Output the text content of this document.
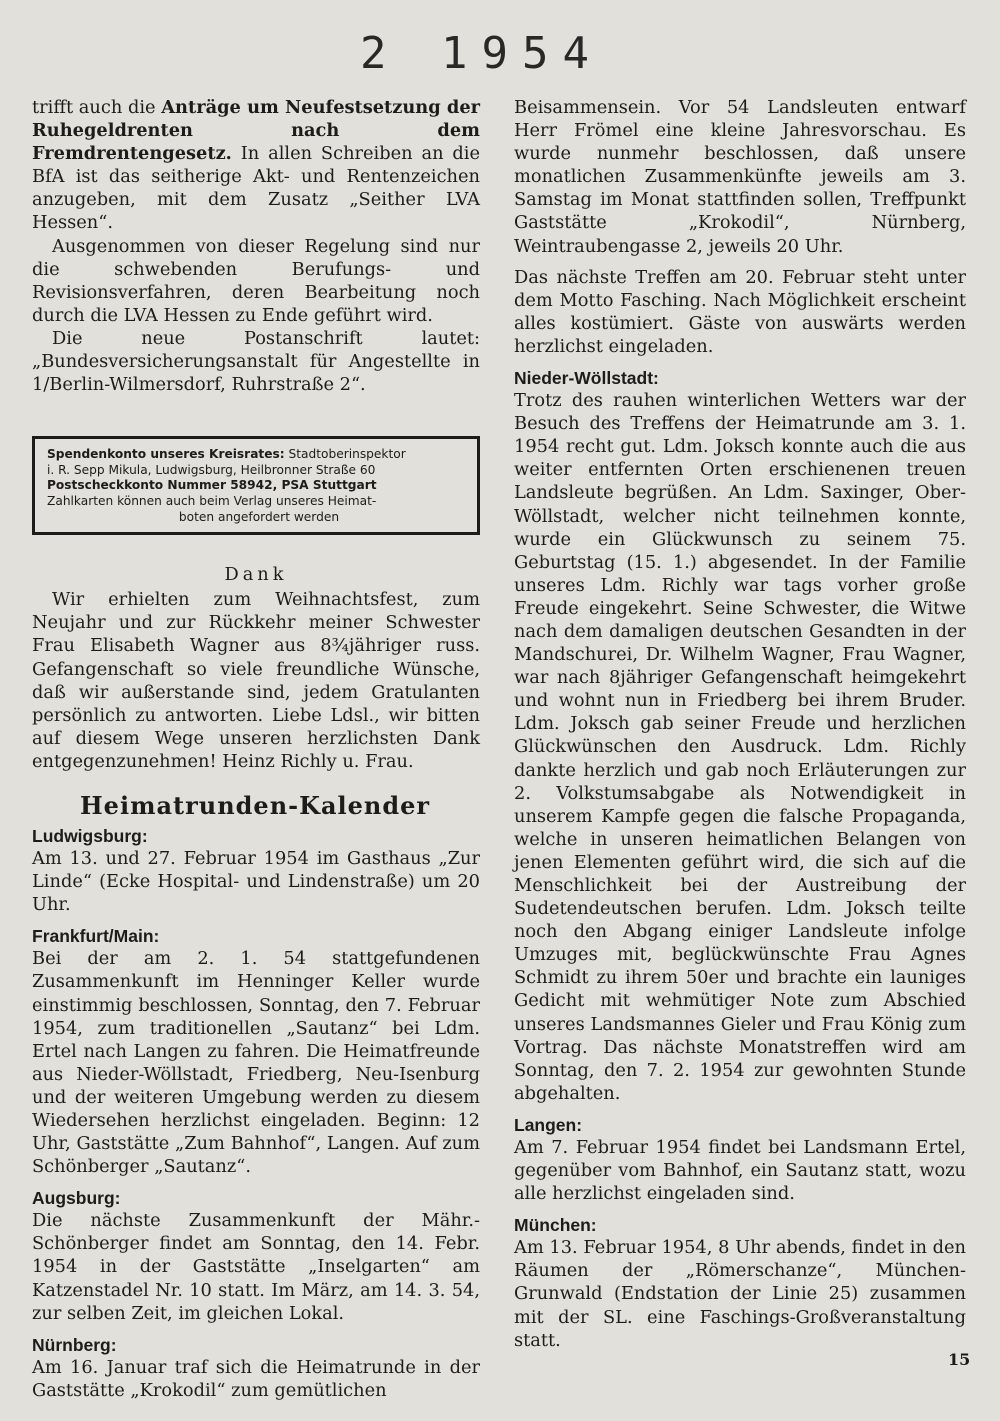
2 1954

trifft auch die Anträge um Neufestsetzung der Ruhegeldrenten nach dem Fremdrentengesetz. In allen Schreiben an die BfA ist das seitherige Akt- und Rentenzeichen anzugeben, mit dem Zusatz „Seither LVA Hessen“.

Ausgenommen von dieser Regelung sind nur die schwebenden Berufungs- und Revisionsverfahren, deren Bearbeitung noch durch die LVA Hessen zu Ende geführt wird.

Die neue Postanschrift lautet: „Bundesversicherungsanstalt für Angestellte in 1/Berlin-Wilmersdorf, Ruhrstraße 2“.

Spendenkonto unseres Kreisrates: Stadtoberinspektor
i. R. Sepp Mikula, Ludwigsburg, Heilbronner Straße 60
Postscheckkonto Nummer 58942, PSA Stuttgart
Zahlkarten können auch beim Verlag unseres Heimat-
boten angefordert werden
Dank

Wir erhielten zum Weihnachtsfest, zum Neujahr und zur Rückkehr meiner Schwester Frau Elisabeth Wagner aus 8¾jähriger russ. Gefangenschaft so viele freundliche Wünsche, daß wir außerstande sind, jedem Gratulanten persönlich zu antworten. Liebe Ldsl., wir bitten auf diesem Wege unseren herzlichsten Dank entgegenzunehmen! Heinz Richly u. Frau.

Heimatrunden-Kalender
Ludwigsburg:

Am 13. und 27. Februar 1954 im Gasthaus „Zur Linde“ (Ecke Hospital- und Lindenstraße) um 20 Uhr.

Frankfurt/Main:

Bei der am 2. 1. 54 stattgefundenen Zusammenkunft im Henninger Keller wurde einstimmig beschlossen, Sonntag, den 7. Februar 1954, zum traditionellen „Sautanz“ bei Ldm. Ertel nach Langen zu fahren. Die Heimatfreunde aus Nieder-Wöllstadt, Friedberg, Neu-Isenburg und der weiteren Umgebung werden zu diesem Wiedersehen herzlichst eingeladen. Beginn: 12 Uhr, Gaststätte „Zum Bahnhof“, Langen. Auf zum Schönberger „Sautanz“.

Augsburg:

Die nächste Zusammenkunft der Mähr.-Schönberger findet am Sonntag, den 14. Febr. 1954 in der Gaststätte „Inselgarten“ am Katzenstadel Nr. 10 statt. Im März, am 14. 3. 54, zur selben Zeit, im gleichen Lokal.

Nürnberg:

Am 16. Januar traf sich die Heimatrunde in der Gaststätte „Krokodil“ zum gemütlichen

Beisammensein. Vor 54 Landsleuten entwarf Herr Frömel eine kleine Jahresvorschau. Es wurde nunmehr beschlossen, daß unsere monatlichen Zusammenkünfte jeweils am 3. Samstag im Monat stattfinden sollen, Treffpunkt Gaststätte „Krokodil“, Nürnberg, Weintraubengasse 2, jeweils 20 Uhr.

Das nächste Treffen am 20. Februar steht unter dem Motto Fasching. Nach Möglichkeit erscheint alles kostümiert. Gäste von auswärts werden herzlichst eingeladen.

Nieder-Wöllstadt:

Trotz des rauhen winterlichen Wetters war der Besuch des Treffens der Heimatrunde am 3. 1. 1954 recht gut. Ldm. Joksch konnte auch die aus weiter entfernten Orten erschienenen treuen Landsleute begrüßen. An Ldm. Saxinger, Ober-Wöllstadt, welcher nicht teilnehmen konnte, wurde ein Glückwunsch zu seinem 75. Geburtstag (15. 1.) abgesendet. In der Familie unseres Ldm. Richly war tags vorher große Freude eingekehrt. Seine Schwester, die Witwe nach dem damaligen deutschen Gesandten in der Mandschurei, Dr. Wilhelm Wagner, Frau Wagner, war nach 8jähriger Gefangenschaft heimgekehrt und wohnt nun in Friedberg bei ihrem Bruder. Ldm. Joksch gab seiner Freude und herzlichen Glückwünschen den Ausdruck. Ldm. Richly dankte herzlich und gab noch Erläuterungen zur 2. Volkstumsabgabe als Notwendigkeit in unserem Kampfe gegen die falsche Propaganda, welche in unseren heimatlichen Belangen von jenen Elementen geführt wird, die sich auf die Menschlichkeit bei der Austreibung der Sudetendeutschen berufen. Ldm. Joksch teilte noch den Abgang einiger Landsleute infolge Umzuges mit, beglückwünschte Frau Agnes Schmidt zu ihrem 50er und brachte ein launiges Gedicht mit wehmütiger Note zum Abschied unseres Landsmannes Gieler und Frau König zum Vortrag. Das nächste Monatstreffen wird am Sonntag, den 7. 2. 1954 zur gewohnten Stunde abgehalten.

Langen:

Am 7. Februar 1954 findet bei Landsmann Ertel, gegenüber vom Bahnhof, ein Sautanz statt, wozu alle herzlichst eingeladen sind.

München:

Am 13. Februar 1954, 8 Uhr abends, findet in den Räumen der „Römerschanze“, München-Grunwald (Endstation der Linie 25) zusammen mit der SL. eine Faschings-Großveranstaltung statt.

15
